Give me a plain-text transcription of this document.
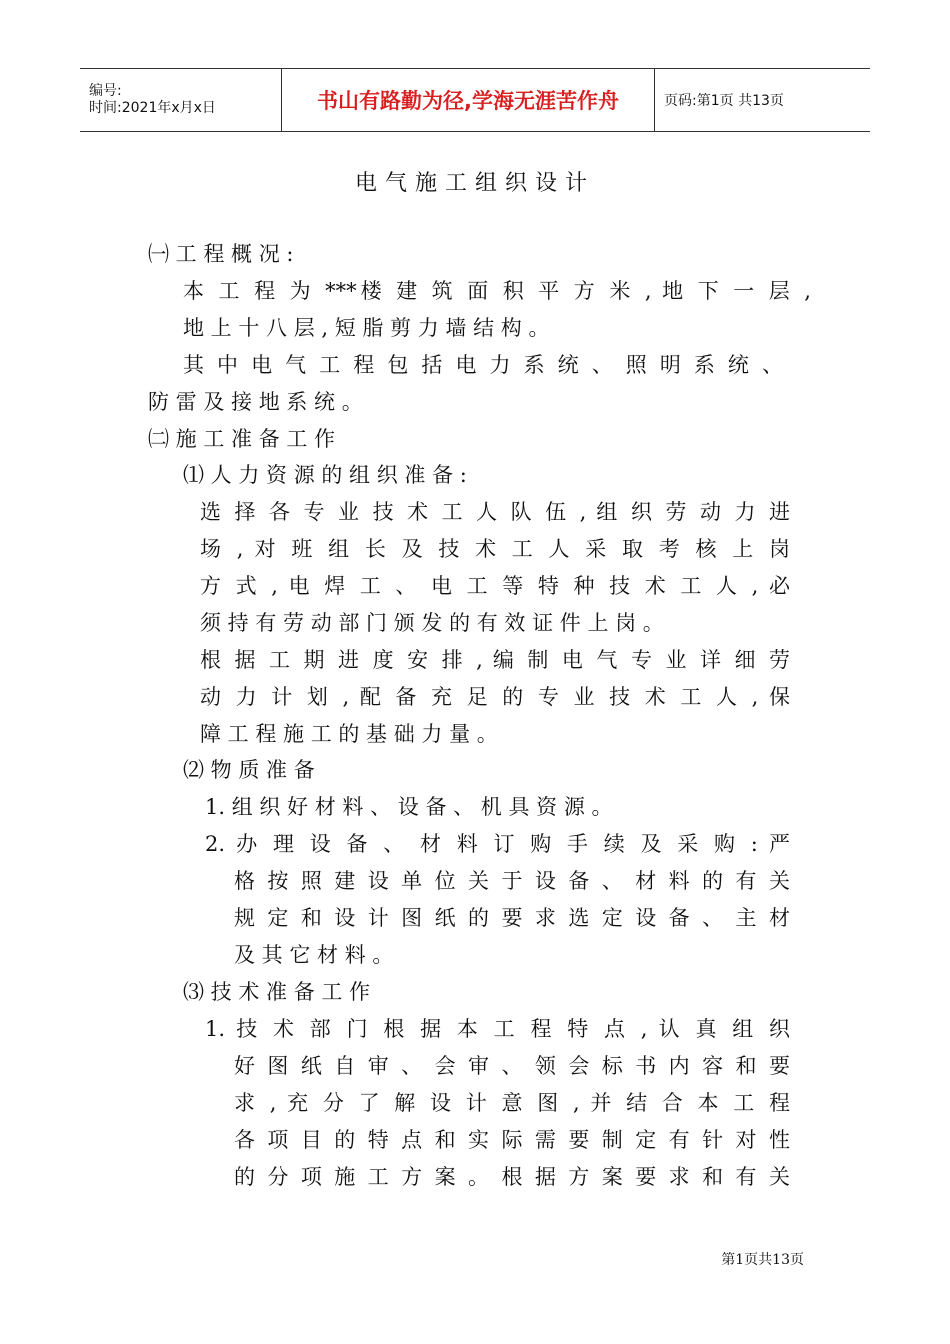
编号:
时间:2021年x月x日	书山有路勤为径,学海无涯苦作舟	页码:第1页 共13页
电气施工组织设计
㈠ 工 程 概 况 :
本 工 程 为 ***楼 建 筑 面 积 平 方 米 , 地 下 一 层 ,
地 上 十 八 层 , 短 脂 剪 力 墙 结 构 。
其 中 电 气 工 程 包 括 电 力 系 统 、 照 明 系 统 、
防 雷 及 接 地 系 统 。
㈡ 施 工 准 备 工 作
⑴ 人 力 资 源 的 组 织 准 备 :
选 择 各 专 业 技 术 工 人 队 伍 , 组 织 劳 动 力 进
场 , 对 班 组 长 及 技 术 工 人 采 取 考 核 上 岗
方 式 , 电 焊 工 、 电 工 等 特 种 技 术 工 人 , 必
须 持 有 劳 动 部 门 颁 发 的 有 效 证 件 上 岗 。
根 据 工 期 进 度 安 排 , 编 制 电 气 专 业 详 细 劳
动 力 计 划 , 配 备 充 足 的 专 业 技 术 工 人 , 保
障 工 程 施 工 的 基 础 力 量 。
⑵ 物 质 准 备
1. 组 织 好 材 料 、 设 备 、 机 具 资 源 。
2. 办 理 设 备 、 材 料 订 购 手 续 及 采 购 : 严
格 按 照 建 设 单 位 关 于 设 备 、 材 料 的 有 关
规 定 和 设 计 图 纸 的 要 求 选 定 设 备 、 主 材
及 其 它 材 料 。
⑶ 技 术 准 备 工 作
1. 技 术 部 门 根 据 本 工 程 特 点 , 认 真 组 织
好 图 纸 自 审 、 会 审 、 领 会 标 书 内 容 和 要
求 , 充 分 了 解 设 计 意 图 , 并 结 合 本 工 程
各 项 目 的 特 点 和 实 际 需 要 制 定 有 针 对 性
的 分 项 施 工 方 案 。 根 据 方 案 要 求 和 有 关
第1页共13页
